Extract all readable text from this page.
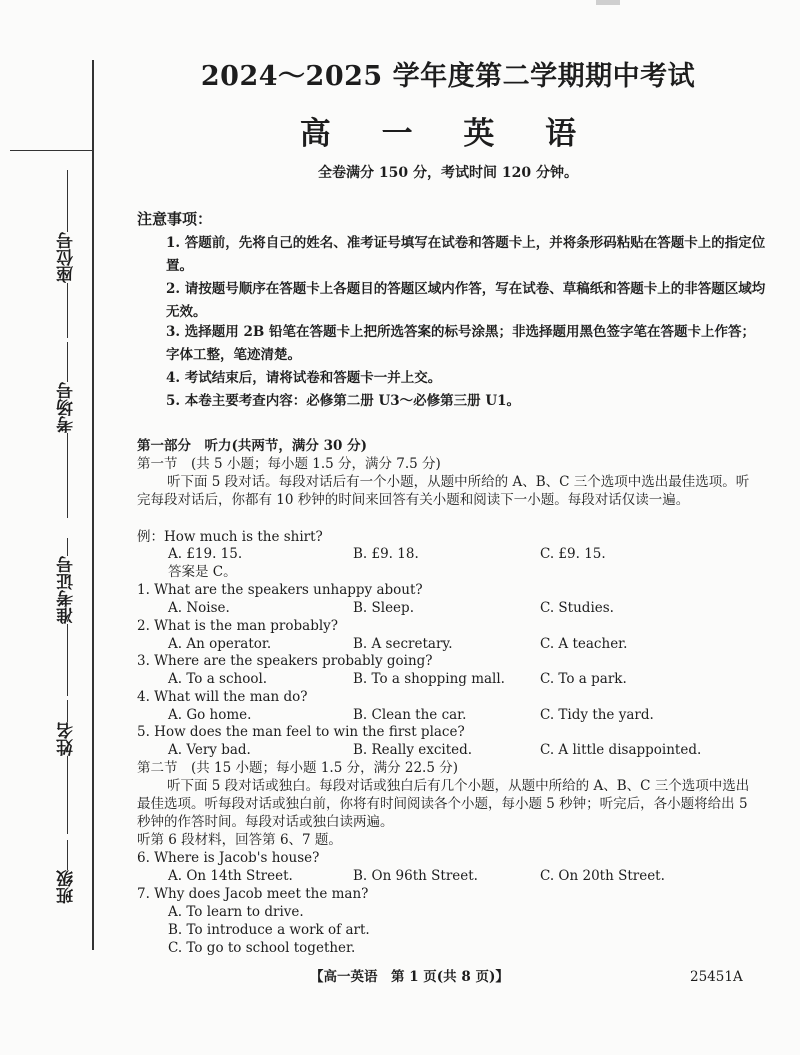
座位号
考场号
准考证号
姓名
班级
2024～2025 学年度第二学期期中考试
高 一 英 语
全卷满分 150 分，考试时间 120 分钟。
注意事项：
1. 答题前，先将自己的姓名、准考证号填写在试卷和答题卡上，并将条形码粘贴在答题卡上的指定位置。
2. 请按题号顺序在答题卡上各题目的答题区域内作答，写在试卷、草稿纸和答题卡上的非答题区域均无效。
3. 选择题用 2B 铅笔在答题卡上把所选答案的标号涂黑；非选择题用黑色签字笔在答题卡上作答；字体工整，笔迹清楚。
4. 考试结束后，请将试卷和答题卡一并上交。
5. 本卷主要考查内容：必修第二册 U3～必修第三册 U1。
第一部分　听力(共两节，满分 30 分)
第一节　(共 5 小题；每小题 1.5 分，满分 7.5 分)
听下面 5 段对话。每段对话后有一个小题，从题中所给的 A、B、C 三个选项中选出最佳选项。听完每段对话后，你都有 10 秒钟的时间来回答有关小题和阅读下一小题。每段对话仅读一遍。
例：How much is the shirt?
A. £19. 15.	B. £9. 18.	C. £9. 15.
答案是 C。
1. What are the speakers unhappy about?
A. Noise.	B. Sleep.	C. Studies.
2. What is the man probably?
A. An operator.	B. A secretary.	C. A teacher.
3. Where are the speakers probably going?
A. To a school.	B. To a shopping mall.	C. To a park.
4. What will the man do?
A. Go home.	B. Clean the car.	C. Tidy the yard.
5. How does the man feel to win the first place?
A. Very bad.	B. Really excited.	C. A little disappointed.
第二节　(共 15 小题；每小题 1.5 分，满分 22.5 分)
听下面 5 段对话或独白。每段对话或独白后有几个小题，从题中所给的 A、B、C 三个选项中选出最佳选项。听每段对话或独白前，你将有时间阅读各个小题，每小题 5 秒钟；听完后，各小题将给出 5 秒钟的作答时间。每段对话或独白读两遍。
听第 6 段材料，回答第 6、7 题。
6. Where is Jacob's house?
A. On 14th Street.	B. On 96th Street.	C. On 20th Street.
7. Why does Jacob meet the man?
A. To learn to drive.
B. To introduce a work of art.
C. To go to school together.
【高一英语　第 1 页(共 8 页)】	25451A
